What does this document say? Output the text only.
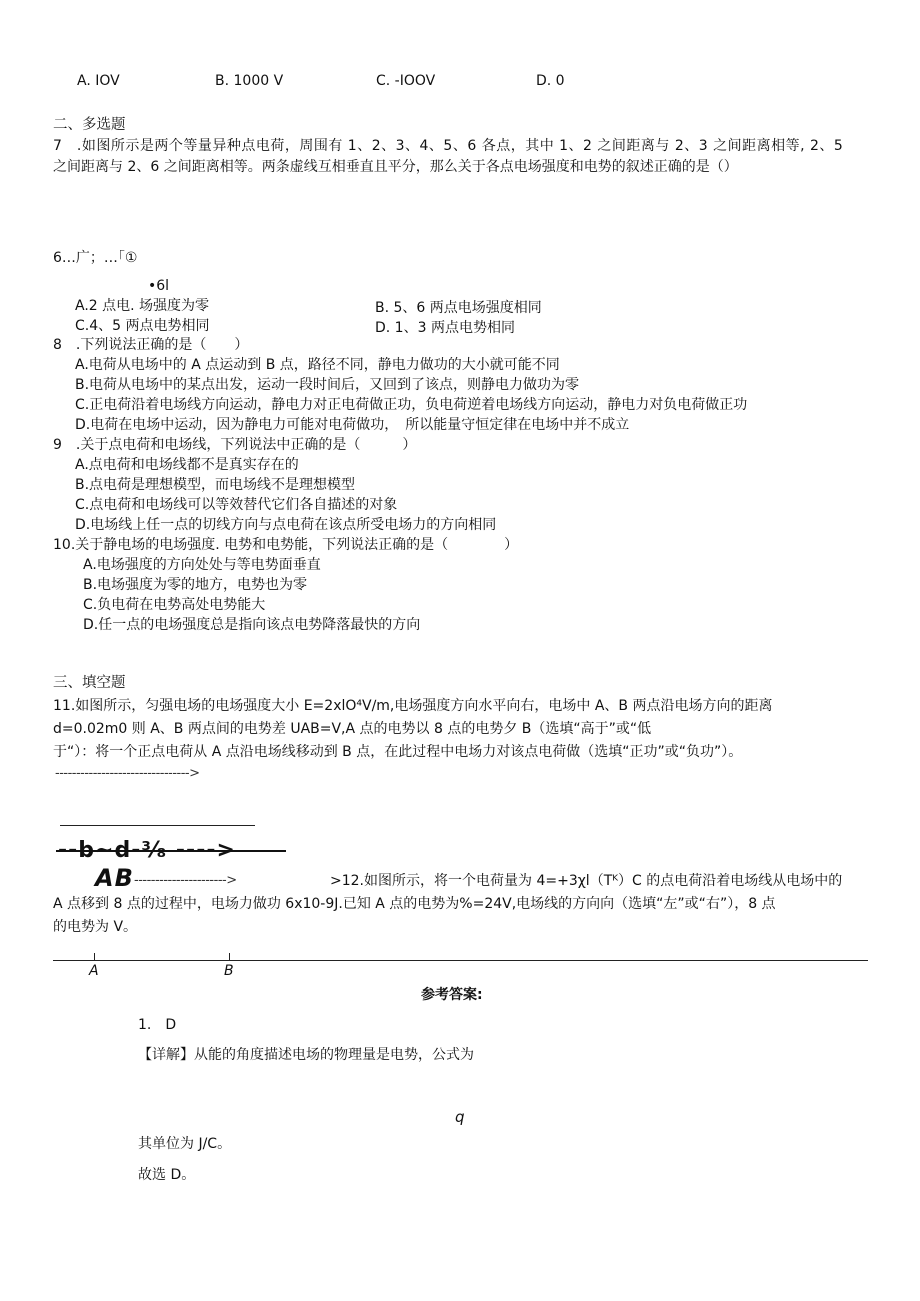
A. IOV	B. 1000 V	C. -IOOV	D. 0
二、多选题
7　.如图所示是两个等量异种点电荷，周围有 1、2、3、4、5、6 各点，其中 1、2 之间距离与 2、3 之间距离相等, 2、5
之间距离与 2、6 之间距离相等。两条虚线互相垂直且平分，那么关于各点电场强度和电势的叙述正确的是（）
6…广；…｢①
•6l
A.2 点电. 场强度为零	B. 5、6 两点电场强度相同
C.4、5 两点电势相同	D. 1、3 两点电势相同
8　.下列说法正确的是（　　）
A.电荷从电场中的 A 点运动到 B 点，路径不同，静电力做功的大小就可能不同
B.电荷从电场中的某点出发，运动一段时间后，又回到了该点，则静电力做功为零
C.正电荷沿着电场线方向运动，静电力对正电荷做正功，负电荷逆着电场线方向运动，静电力对负电荷做正功
D.电荷在电场中运动，因为静电力可能对电荷做功，　所以能量守恒定律在电场中并不成立
9　.关于点电荷和电场线，下列说法中正确的是（　　　）
A.点电荷和电场线都不是真实存在的
B.点电荷是理想模型，而电场线不是理想模型
C.点电荷和电场线可以等效替代它们各自描述的对象
D.电场线上任一点的切线方向与点电荷在该点所受电场力的方向相同
10.关于静电场的电场强度. 电势和电势能，下列说法正确的是（　　　　）
A.电场强度的方向处处与等电势面垂直
B.电场强度为零的地方，电势也为零
C.负电荷在电势高处电势能大
D.任一点的电场强度总是指向该点电势降落最快的方向
三、填空题
11.如图所示，匀强电场的电场强度大小 E=2xlO⁴V∕m,电场强度方向水平向右，电场中 A、B 两点沿电场方向的距离
d=0.02m0 则 A、B 两点间的电势差 UAB=V,A 点的电势以 8 点的电势夕 B（选填“高于”或“低
于“）：将一个正点电荷从 A 点沿电场线移动到 B 点，在此过程中电场力对该点电荷做（选填“正功”或“负功”）。
-------------------------------->
--b~d-³⁄₈ ---->
AB ---------------------->	>12.如图所示，将一个电荷量为 4=+3χl（Tᴷ）C 的点电荷沿着电场线从电场中的
A 点移到 8 点的过程中，电场力做功 6x10-9J.已知 A 点的电势为%=24V,电场线的方向向（选填“左”或“右”），8 点
的电势为 V。
A	B
参考答案:
1.　D
【详解】从能的角度描述电场的物理量是电势，公式为
q
其单位为 J/C。
故选 D。
